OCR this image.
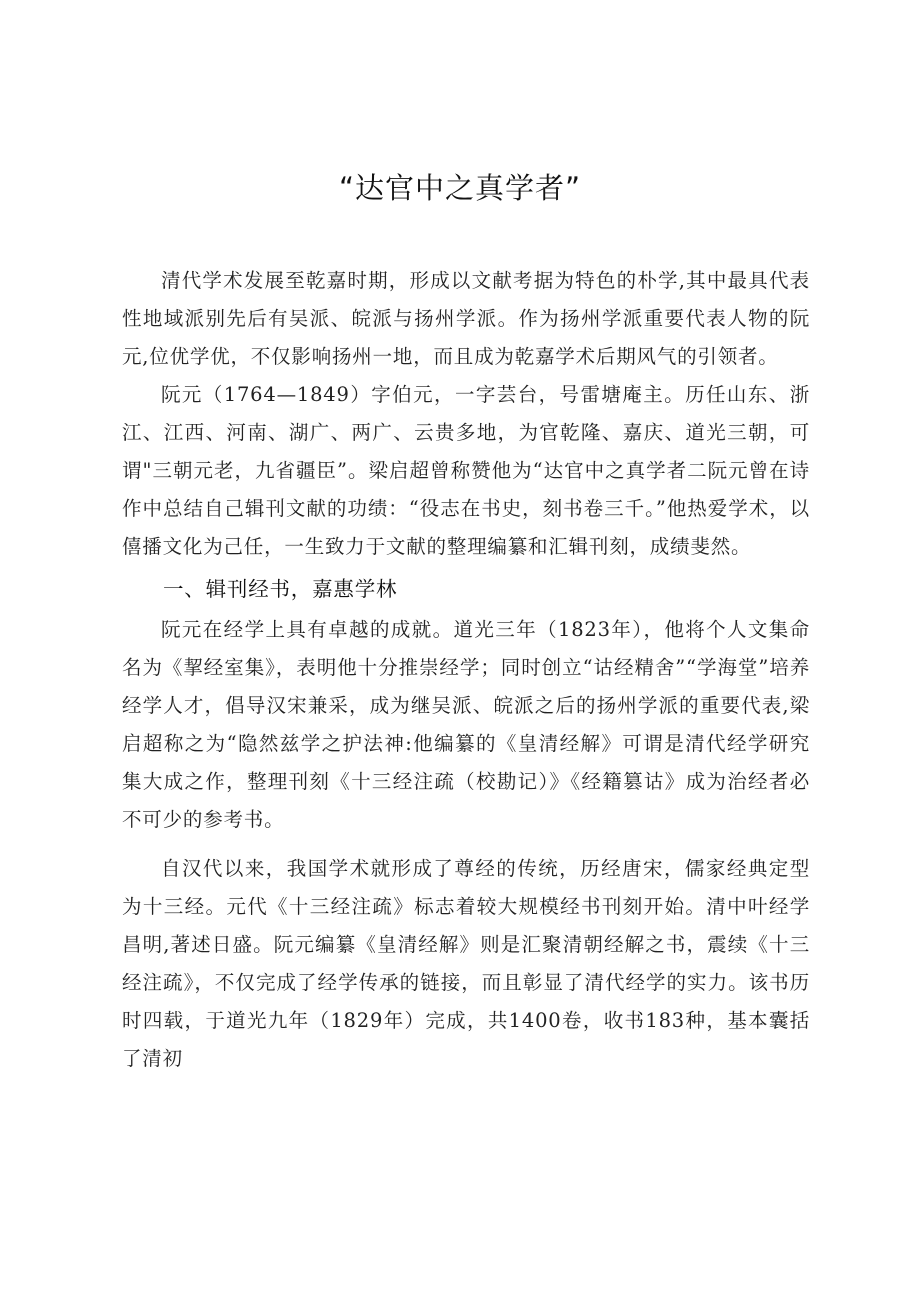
“达官中之真学者”

清代学术发展至乾嘉时期，形成以文献考据为特色的朴学,其中最具代表性地域派别先后有吴派、皖派与扬州学派。作为扬州学派重要代表人物的阮元,位优学优，不仅影响扬州一地，而且成为乾嘉学术后期风气的引领者。

阮元（1764—1849）字伯元，一字芸台，号雷塘庵主。历任山东、浙江、江西、河南、湖广、两广、云贵多地，为官乾隆、嘉庆、道光三朝，可谓"三朝元老，九省疆臣”。梁启超曾称赞他为“达官中之真学者二阮元曾在诗作中总结自己辑刊文献的功绩：“役志在书史，刻书卷三千。”他热爱学术，以僖播文化为己任，一生致力于文献的整理编纂和汇辑刊刻，成绩斐然。

一、辑刊经书，嘉惠学林

阮元在经学上具有卓越的成就。道光三年（1823年），他将个人文集命名为《挈经室集》，表明他十分推崇经学；同时创立“诂经精舍”“学海堂”培养经学人才，倡导汉宋兼采，成为继吴派、皖派之后的扬州学派的重要代表,梁启超称之为“隐然兹学之护法神:他编纂的《皇清经解》可谓是清代经学研究集大成之作，整理刊刻《十三经注疏（校勘记）》《经籍篡诂》成为治经者必不可少的参考书。

自汉代以来，我国学术就形成了尊经的传统，历经唐宋，儒家经典定型为十三经。元代《十三经注疏》标志着较大规模经书刊刻开始。清中叶经学昌明,著述日盛。阮元编纂《皇清经解》则是汇聚清朝经解之书，震续《十三经注疏》，不仅完成了经学传承的链接，而且彰显了清代经学的实力。该书历时四载，于道光九年（1829年）完成，共1400卷，收书183种，基本囊括了清初
